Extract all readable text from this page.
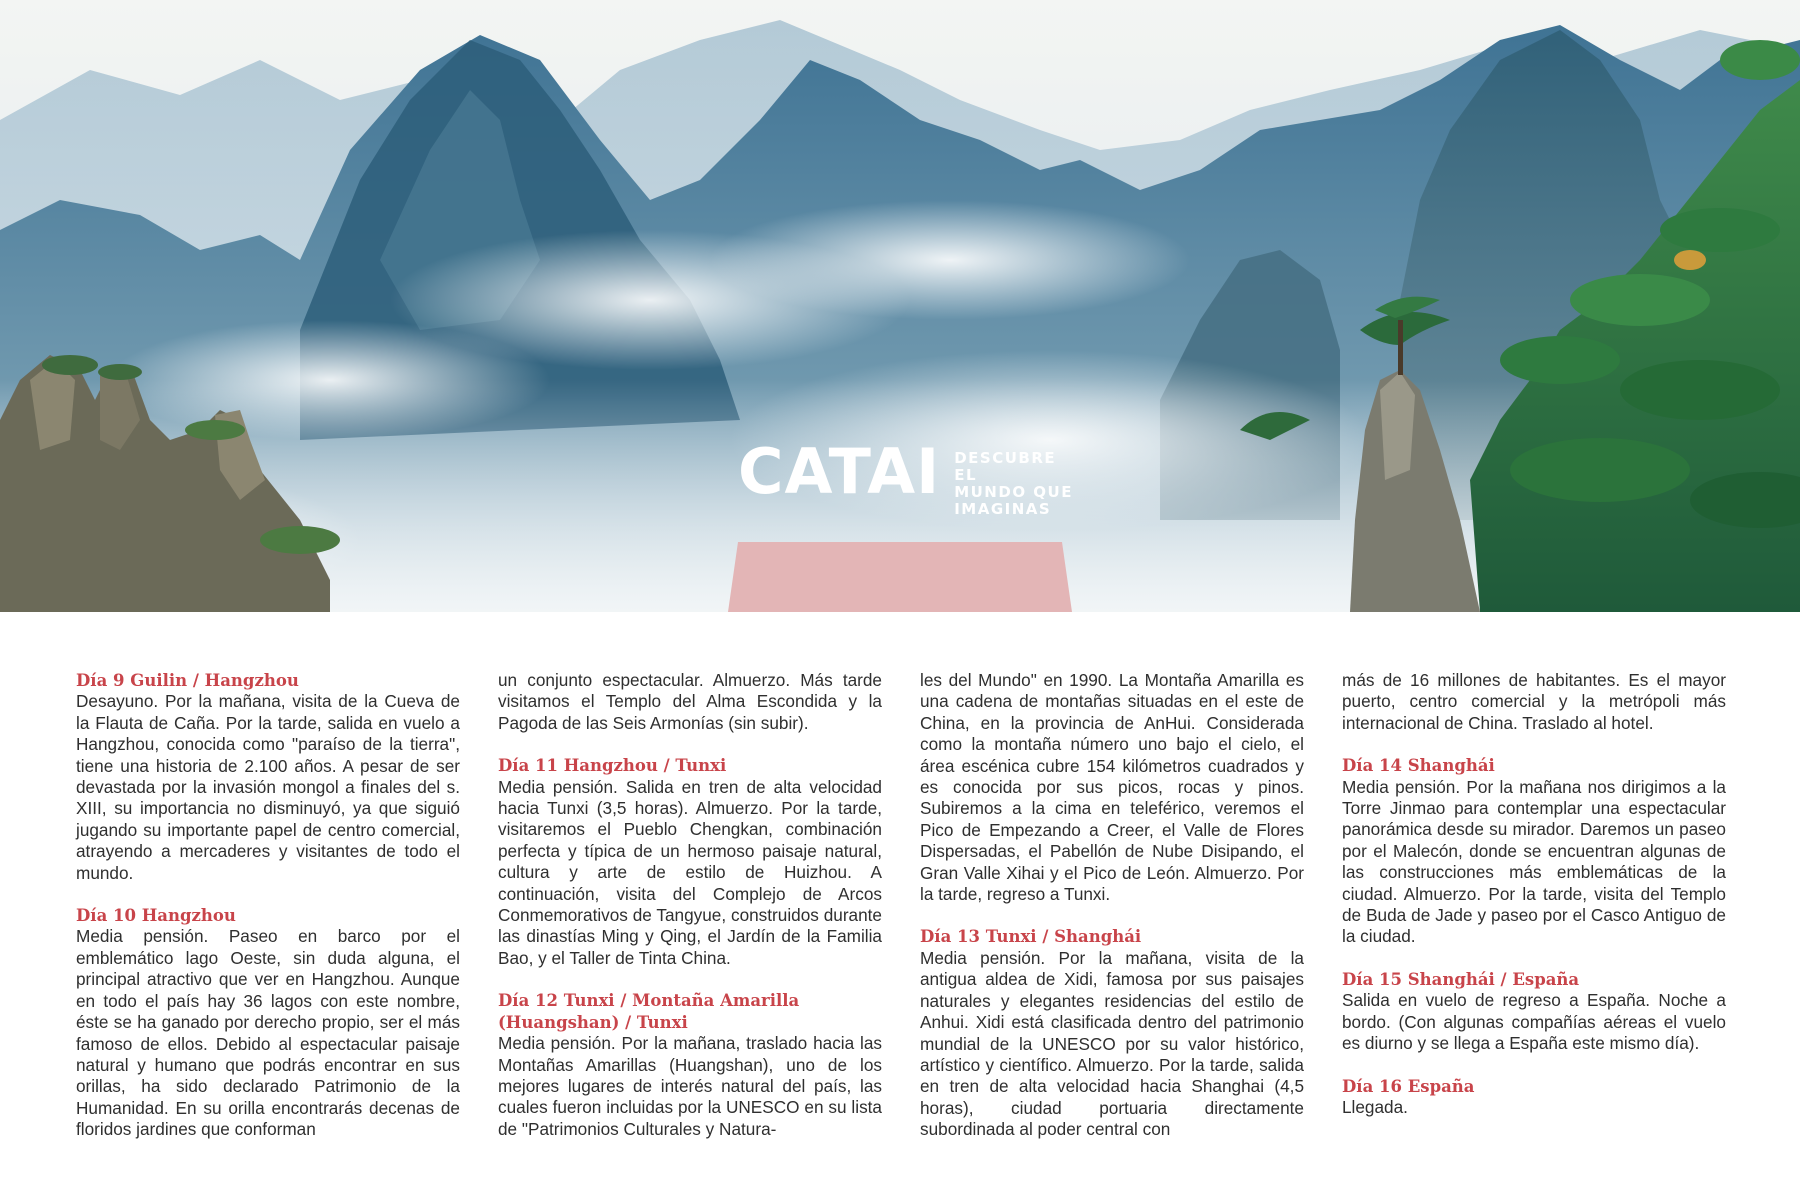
CATAI DESCUBRE EL
MUNDO QUE
IMAGINAS
Día 9 Guilin / Hangzhou

Desayuno. Por la mañana, visita de la Cueva de la Flauta de Caña. Por la tarde, salida en vuelo a Hangzhou, conocida como "paraíso de la tierra", tiene una historia de 2.100 años. A pesar de ser devastada por la invasión mongol a finales del s. XIII, su importancia no disminuyó, ya que siguió jugando su importante papel de centro comercial, atrayendo a mercaderes y visitantes de todo el mundo.

Día 10 Hangzhou

Media pensión. Paseo en barco por el emblemático lago Oeste, sin duda alguna, el principal atractivo que ver en Hangzhou. Aunque en todo el país hay 36 lagos con este nombre, éste se ha ganado por derecho propio, ser el más famoso de ellos. Debido al espectacular paisaje natural y humano que podrás encontrar en sus orillas, ha sido declarado Patrimonio de la Humanidad. En su orilla encontrarás decenas de floridos jardines que conforman

un conjunto espectacular. Almuerzo. Más tarde visitamos el Templo del Alma Escondida y la Pagoda de las Seis Armonías (sin subir).

Día 11 Hangzhou / Tunxi

Media pensión. Salida en tren de alta velocidad hacia Tunxi (3,5 horas). Almuerzo. Por la tarde, visitaremos el Pueblo Chengkan, combinación perfecta y típica de un hermoso paisaje natural, cultura y arte de estilo de Huizhou. A continuación, visita del Complejo de Arcos Conmemorativos de Tangyue, construidos durante las dinastías Ming y Qing, el Jardín de la Familia Bao, y el Taller de Tinta China.

Día 12 Tunxi / Montaña Amarilla (Huangshan) / Tunxi

Media pensión. Por la mañana, traslado hacia las Montañas Amarillas (Huangshan), uno de los mejores lugares de interés natural del país, las cuales fueron incluidas por la UNESCO en su lista de "Patrimonios Culturales y Natura-

les del Mundo" en 1990. La Montaña Amarilla es una cadena de montañas situadas en el este de China, en la provincia de AnHui. Considerada como la montaña número uno bajo el cielo, el área escénica cubre 154 kilómetros cuadrados y es conocida por sus picos, rocas y pinos. Subiremos a la cima en teleférico, veremos el Pico de Empezando a Creer, el Valle de Flores Dispersadas, el Pabellón de Nube Disipando, el Gran Valle Xihai y el Pico de León. Almuerzo. Por la tarde, regreso a Tunxi.

Día 13 Tunxi / Shanghái

Media pensión. Por la mañana, visita de la antigua aldea de Xidi, famosa por sus paisajes naturales y elegantes residencias del estilo de Anhui. Xidi está clasificada dentro del patrimonio mundial de la UNESCO por su valor histórico, artístico y científico. Almuerzo. Por la tarde, salida en tren de alta velocidad hacia Shanghai (4,5 horas), ciudad portuaria directamente subordinada al poder central con

más de 16 millones de habitantes. Es el mayor puerto, centro comercial y la metrópoli más internacional de China. Traslado al hotel.

Día 14 Shanghái

Media pensión. Por la mañana nos dirigimos a la Torre Jinmao para contemplar una espectacular panorámica desde su mirador. Daremos un paseo por el Malecón, donde se encuentran algunas de las construcciones más emblemáticas de la ciudad. Almuerzo. Por la tarde, visita del Templo de Buda de Jade y paseo por el Casco Antiguo de la ciudad.

Día 15 Shanghái / España

Salida en vuelo de regreso a España. Noche a bordo. (Con algunas compañías aéreas el vuelo es diurno y se llega a España este mismo día).

Día 16 España

Llegada.
